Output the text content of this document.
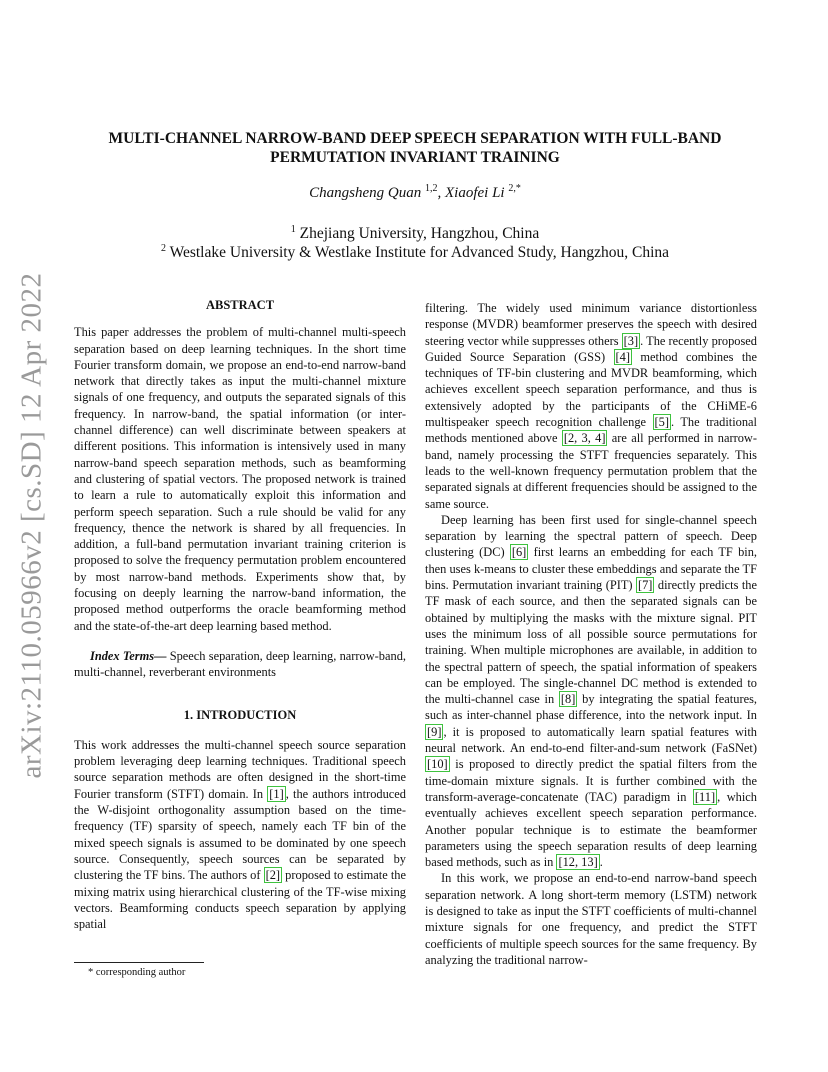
arXiv:2110.05966v2 [cs.SD] 12 Apr 2022
MULTI-CHANNEL NARROW-BAND DEEP SPEECH SEPARATION WITH FULL-BAND
PERMUTATION INVARIANT TRAINING
Changsheng Quan $^{1,2}$, Xiaofei Li $^{2,*}$
$^1$ Zhejiang University, Hangzhou, China
$^2$ Westlake University & Westlake Institute for Advanced Study, Hangzhou, China
ABSTRACT

This paper addresses the problem of multi-channel multi-speech separation based on deep learning techniques. In the short time Fourier transform domain, we propose an end-to-end narrow-band network that directly takes as input the multi-channel mixture signals of one frequency, and outputs the separated signals of this frequency. In narrow-band, the spatial information (or inter-channel difference) can well discriminate between speakers at different positions. This information is intensively used in many narrow-band speech separation methods, such as beamforming and clustering of spatial vectors. The proposed network is trained to learn a rule to automatically exploit this information and perform speech separation. Such a rule should be valid for any frequency, thence the network is shared by all frequencies. In addition, a full-band permutation invariant training criterion is proposed to solve the frequency permutation problem encountered by most narrow-band methods. Experiments show that, by focusing on deeply learning the narrow-band information, the proposed method outperforms the oracle beamforming method and the state-of-the-art deep learning based method.

Index Terms— Speech separation, deep learning, narrow-band, multi-channel, reverberant environments

1. INTRODUCTION

This work addresses the multi-channel speech source separation problem leveraging deep learning techniques. Traditional speech source separation methods are often designed in the short-time Fourier transform (STFT) domain. In [1] , the authors introduced the W-disjoint orthogonality assumption based on the time-frequency (TF) sparsity of speech, namely each TF bin of the mixed speech signals is assumed to be dominated by one speech source. Consequently, speech sources can be separated by clustering the TF bins. The authors of [2] proposed to estimate the mixing matrix using hierarchical clustering of the TF-wise mixing vectors. Beamforming conducts speech separation by applying spatial

filtering. The widely used minimum variance distortionless response (MVDR) beamformer preserves the speech with desired steering vector while suppresses others [3] . The recently proposed Guided Source Separation (GSS) [4] method combines the techniques of TF-bin clustering and MVDR beamforming, which achieves excellent speech separation performance, and thus is extensively adopted by the participants of the CHiME-6 multispeaker speech recognition challenge [5] . The traditional methods mentioned above [2, 3, 4] are all performed in narrow-band, namely processing the STFT frequencies separately. This leads to the well-known frequency permutation problem that the separated signals at different frequencies should be assigned to the same source.

Deep learning has been first used for single-channel speech separation by learning the spectral pattern of speech. Deep clustering (DC) [6] first learns an embedding for each TF bin, then uses k-means to cluster these embeddings and separate the TF bins. Permutation invariant training (PIT) [7] directly predicts the TF mask of each source, and then the separated signals can be obtained by multiplying the masks with the mixture signal. PIT uses the minimum loss of all possible source permutations for training. When multiple microphones are available, in addition to the spectral pattern of speech, the spatial information of speakers can be employed. The single-channel DC method is extended to the multi-channel case in [8] by integrating the spatial features, such as inter-channel phase difference, into the network input. In [9] , it is proposed to automatically learn spatial features with neural network. An end-to-end filter-and-sum network (FaSNet) [10] is proposed to directly predict the spatial filters from the time-domain mixture signals. It is further combined with the transform-average-concatenate (TAC) paradigm in [11] , which eventually achieves excellent speech separation performance. Another popular technique is to estimate the beamformer parameters using the speech separation results of deep learning based methods, such as in [12, 13] .

In this work, we propose an end-to-end narrow-band speech separation network. A long short-term memory (LSTM) network is designed to take as input the STFT coefficients of multi-channel mixture signals for one frequency, and predict the STFT coefficients of multiple speech sources for the same frequency. By analyzing the traditional narrow-

* corresponding author
